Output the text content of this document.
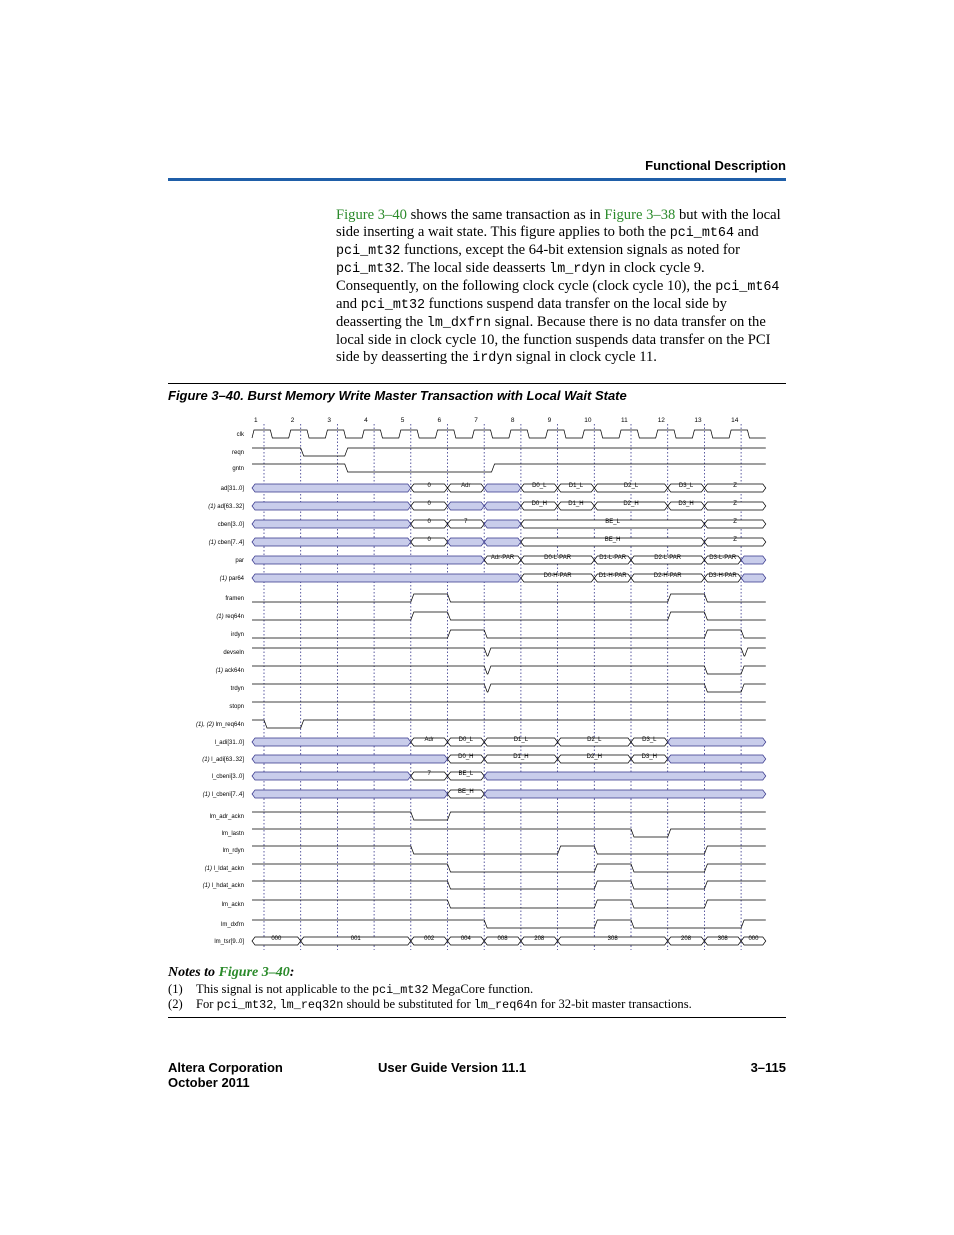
Functional Description
Figure 3–40 shows the same transaction as in Figure 3–38 but with the local side inserting a wait state. This figure applies to both the pci_mt64 and pci_mt32 functions, except the 64-bit extension signals as noted for pci_mt32. The local side deasserts lm_rdyn in clock cycle 9. Consequently, on the following clock cycle (clock cycle 10), the pci_mt64 and pci_mt32 functions suspend data transfer on the local side by deasserting the lm_dxfrn signal. Because there is no data transfer on the local side in clock cycle 10, the function suspends data transfer on the PCI side by deasserting the irdyn signal in clock cycle 11.
Figure 3–40. Burst Memory Write Master Transaction with Local Wait State
1	2	3	4	5	6	7	8	9	10	11	12	13	14
clk
reqn
gntn
ad[31..0]	0	Adr	D0_L	D1_L	D2_L	D3_L	Z
(1) ad[63..32]	0	D0_H	D1_H	D2_H	D3_H	Z
cben[3..0]	0	7	BE_L	Z
(1) cben[7..4]	0	BE_H	Z
par	Adr-PAR	D0-L-PAR	D1-L-PAR	D2-L-PAR	D3-L-PAR
(1) par64	D0-H-PAR	D1-H-PAR	D2-H-PAR	D3-H-PAR
framen
(1) req64n
irdyn
devseln
(1) ack64n
trdyn
stopn
(1), (2) lm_req64n
l_adi[31..0]	Adr	D0_L	D1_L	D2_L	D3_L
(1) l_adi[63..32]	D0_H	D1_H	D2_H	D3_H
l_cbeni[3..0]	7	BE_L
(1) l_cbeni[7..4]	BE_H
lm_adr_ackn
lm_lastn
lm_rdyn
(1) l_ldat_ackn
(1) l_hdat_ackn
lm_ackn
lm_dxfrn
lm_tsr[9..0]	000	001	002	004	008	208	308	208	308	000
Notes to Figure 3–40:
(1) This signal is not applicable to the pci_mt32 MegaCore function.
(2) For pci_mt32, lm_req32n should be substituted for lm_req64n for 32-bit master transactions.
Altera Corporation
October 2011
User Guide Version 11.1	3–115
